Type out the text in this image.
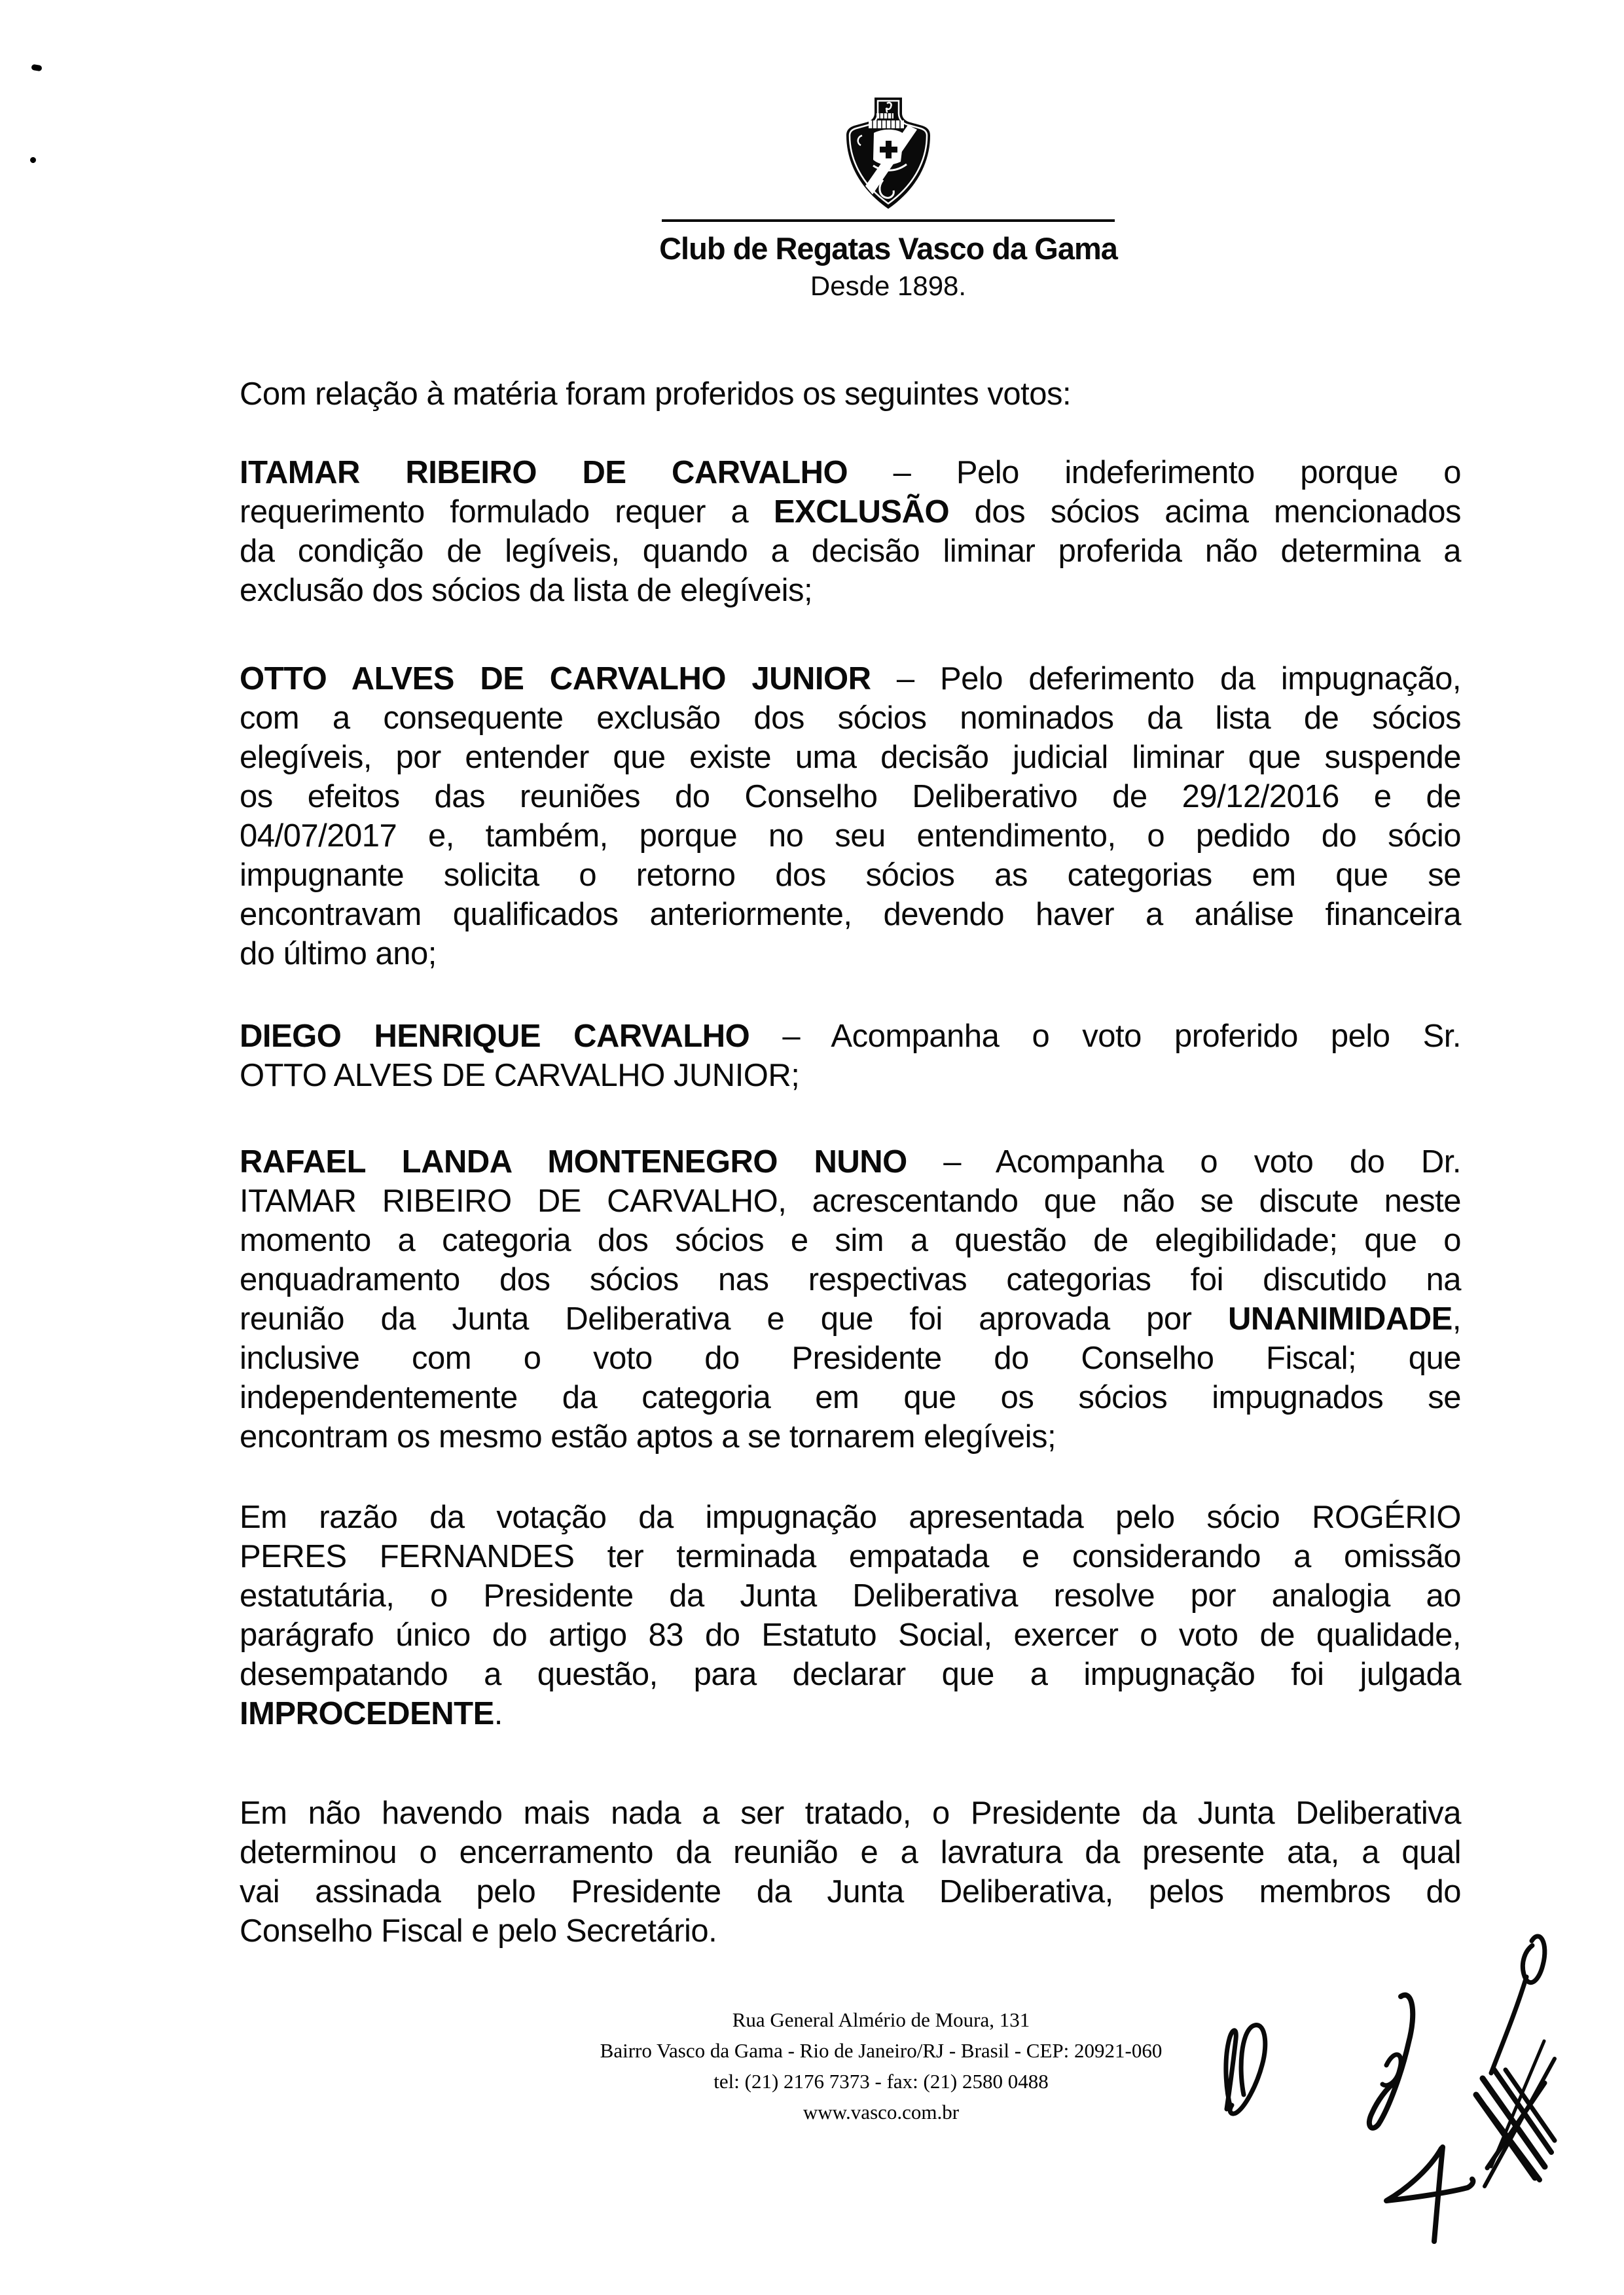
Club de Regatas Vasco da Gama
Desde 1898.

Com relação à matéria foram proferidos os seguintes votos:

ITAMAR RIBEIRO DE CARVALHO – Pelo indeferimento porque o
requerimento formulado requer a EXCLUSÃO dos sócios acima mencionados
da condição de legíveis, quando a decisão liminar proferida não determina a
exclusão dos sócios da lista de elegíveis;

OTTO ALVES DE CARVALHO JUNIOR – Pelo deferimento da impugnação,
com a consequente exclusão dos sócios nominados da lista de sócios
elegíveis, por entender que existe uma decisão judicial liminar que suspende
os efeitos das reuniões do Conselho Deliberativo de 29/12/2016 e de
04/07/2017 e, também, porque no seu entendimento, o pedido do sócio
impugnante solicita o retorno dos sócios as categorias em que se
encontravam qualificados anteriormente, devendo haver a análise financeira
do último ano;

DIEGO HENRIQUE CARVALHO – Acompanha o voto proferido pelo Sr.
OTTO ALVES DE CARVALHO JUNIOR;

RAFAEL LANDA MONTENEGRO NUNO – Acompanha o voto do Dr.
ITAMAR RIBEIRO DE CARVALHO, acrescentando que não se discute neste
momento a categoria dos sócios e sim a questão de elegibilidade; que o
enquadramento dos sócios nas respectivas categorias foi discutido na
reunião da Junta Deliberativa e que foi aprovada por UNANIMIDADE,
inclusive com o voto do Presidente do Conselho Fiscal; que
independentemente da categoria em que os sócios impugnados se
encontram os mesmo estão aptos a se tornarem elegíveis;

Em razão da votação da impugnação apresentada pelo sócio ROGÉRIO
PERES FERNANDES ter terminada empatada e considerando a omissão
estatutária, o Presidente da Junta Deliberativa resolve por analogia ao
parágrafo único do artigo 83 do Estatuto Social, exercer o voto de qualidade,
desempatando a questão, para declarar que a impugnação foi julgada
IMPROCEDENTE.

Em não havendo mais nada a ser tratado, o Presidente da Junta Deliberativa
determinou o encerramento da reunião e a lavratura da presente ata, a qual
vai assinada pelo Presidente da Junta Deliberativa, pelos membros do
Conselho Fiscal e pelo Secretário.

Rua General Almério de Moura, 131
Bairro Vasco da Gama - Rio de Janeiro/RJ - Brasil - CEP: 20921-060
tel: (21) 2176 7373 - fax: (21) 2580 0488
www.vasco.com.br
